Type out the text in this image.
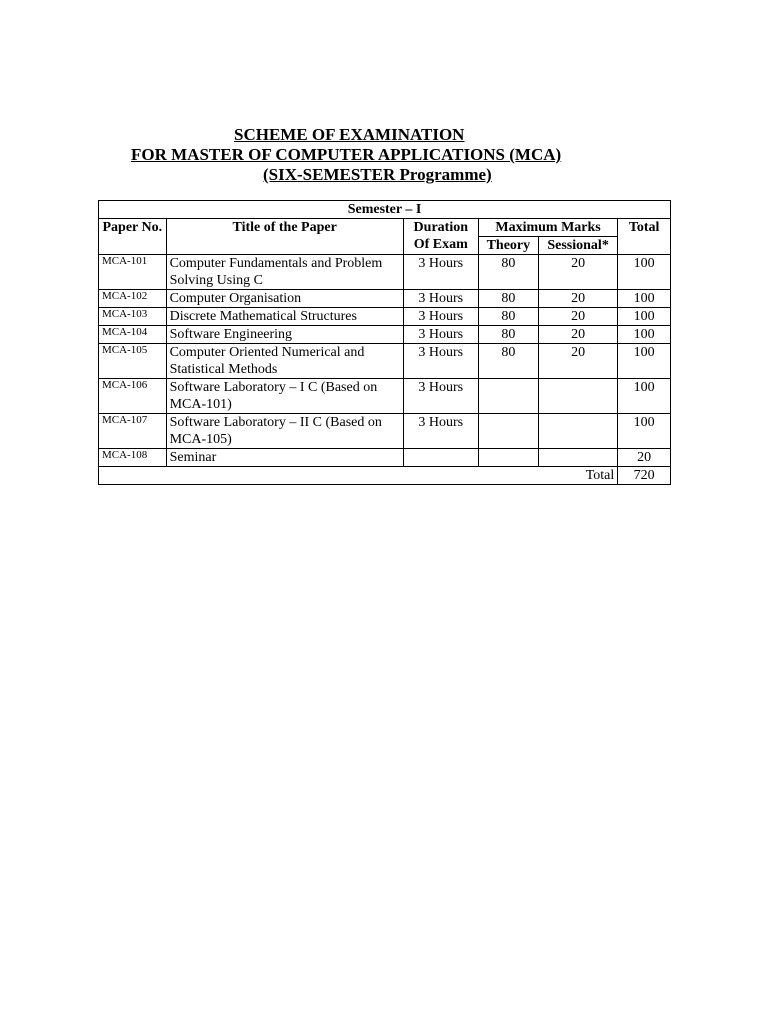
SCHEME OF EXAMINATION
FOR MASTER OF COMPUTER APPLICATIONS (MCA)
(SIX-SEMESTER Programme)
Semester – I					
Paper No.	Title of the Paper	Duration Of Exam	Maximum Marks		Total
			Theory	Sessional*	
MCA-101	Computer Fundamentals and Problem Solving Using C	3 Hours	80	20	100
MCA-102	Computer Organisation	3 Hours	80	20	100
MCA-103	Discrete Mathematical Structures	3 Hours	80	20	100
MCA-104	Software Engineering	3 Hours	80	20	100
MCA-105	Computer Oriented Numerical and Statistical Methods	3 Hours	80	20	100
MCA-106	Software Laboratory – I C (Based on MCA-101)	3 Hours			100
MCA-107	Software Laboratory – II C (Based on MCA-105)	3 Hours			100
MCA-108	Seminar				20
Total					720
